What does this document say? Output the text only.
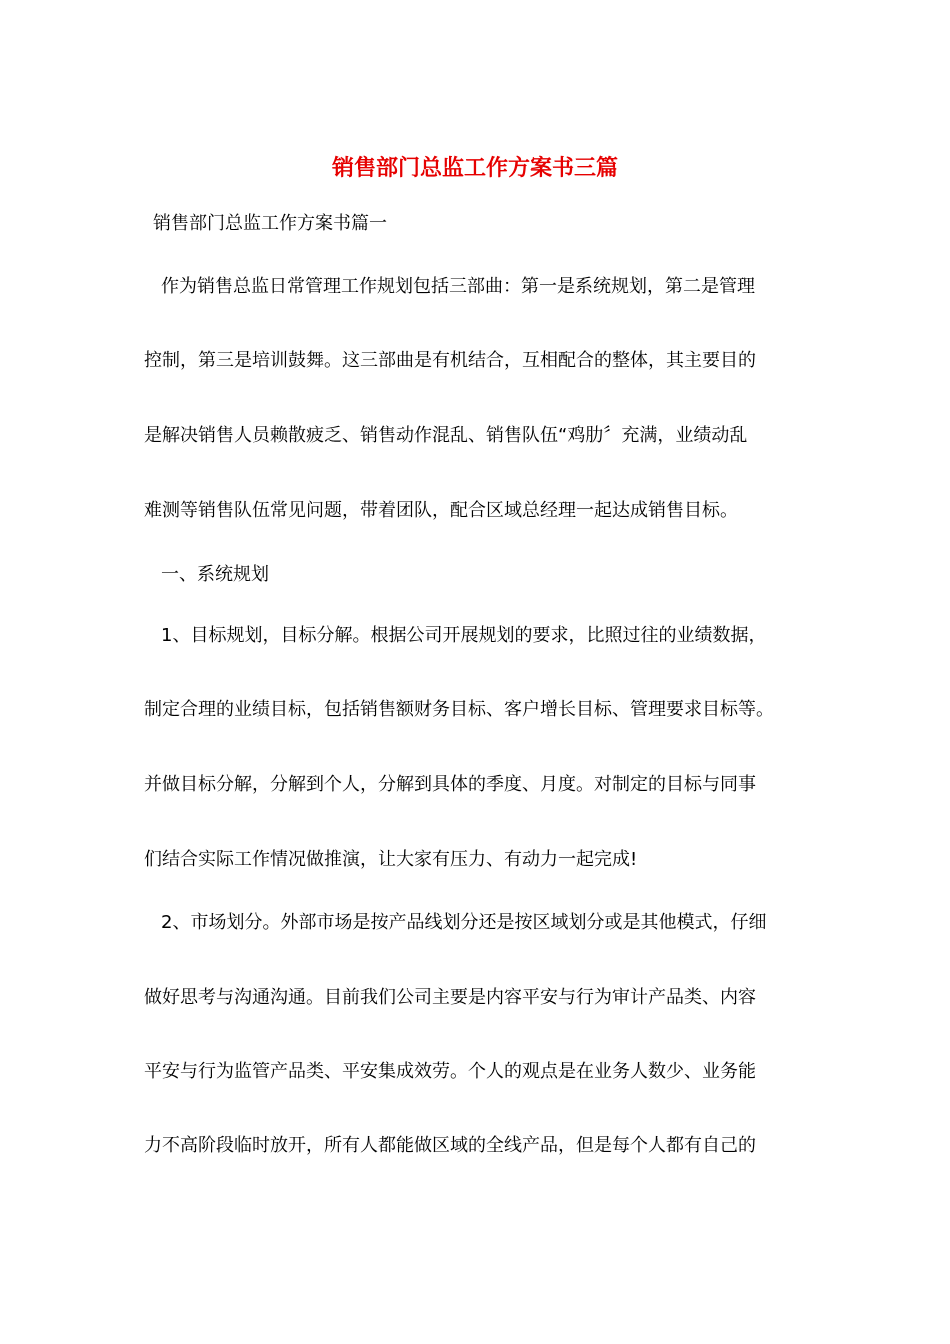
销售部门总监工作方案书三篇
销售部门总监工作方案书篇一
作为销售总监日常管理工作规划包括三部曲：第一是系统规划，第二是管理
控制，第三是培训鼓舞。这三部曲是有机结合，互相配合的整体，其主要目的
是解决销售人员赖散疲乏、销售动作混乱、销售队伍“鸡肋〞充满，业绩动乱
难测等销售队伍常见问题，带着团队，配合区域总经理一起达成销售目标。
一、系统规划
1、目标规划，目标分解。根据公司开展规划的要求，比照过往的业绩数据，
制定合理的业绩目标，包括销售额财务目标、客户增长目标、管理要求目标等。
并做目标分解，分解到个人，分解到具体的季度、月度。对制定的目标与同事
们结合实际工作情况做推演，让大家有压力、有动力一起完成!
2、市场划分。外部市场是按产品线划分还是按区域划分或是其他模式，仔细
做好思考与沟通沟通。目前我们公司主要是内容平安与行为审计产品类、内容
平安与行为监管产品类、平安集成效劳。个人的观点是在业务人数少、业务能
力不高阶段临时放开，所有人都能做区域的全线产品，但是每个人都有自己的
